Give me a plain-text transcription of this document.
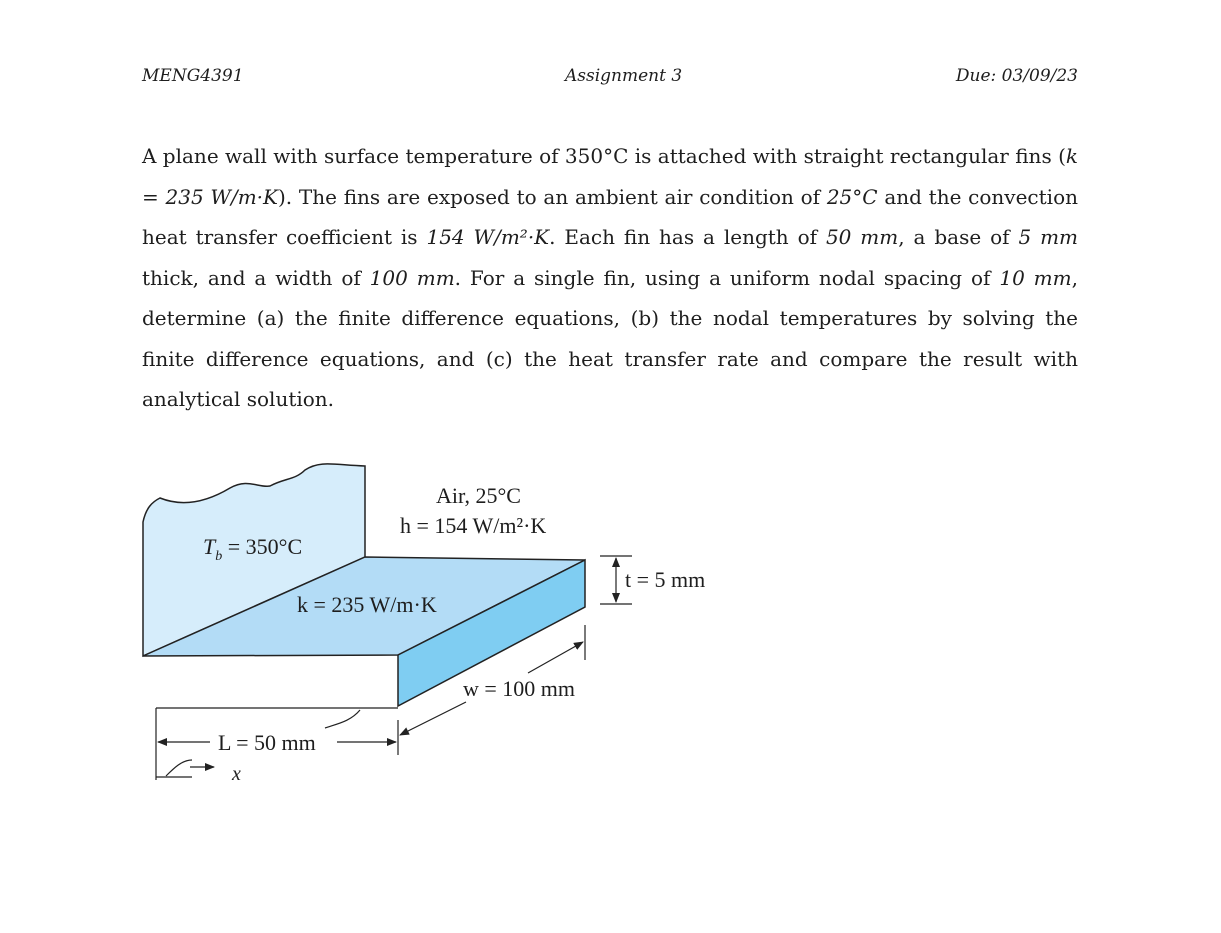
MENG4391	Assignment 3	Due: 03/09/23
A plane wall with surface temperature of 350°C is attached with straight rectangular fins (k = 235 W/m·K). The fins are exposed to an ambient air condition of 25°C and the convection heat transfer coefficient is 154 W/m²·K. Each fin has a length of 50 mm, a base of 5 mm thick, and a width of 100 mm. For a single fin, using a uniform nodal spacing of 10 mm, determine (a) the finite difference equations, (b) the nodal temperatures by solving the finite difference equations, and (c) the heat transfer rate and compare the result with analytical solution.
Air, 25°C
h = 154 W/m²·K
$T_b = 350^\circ C$
k = 235 W/m·K
t = 5 mm
w = 100 mm
L = 50 mm
x
